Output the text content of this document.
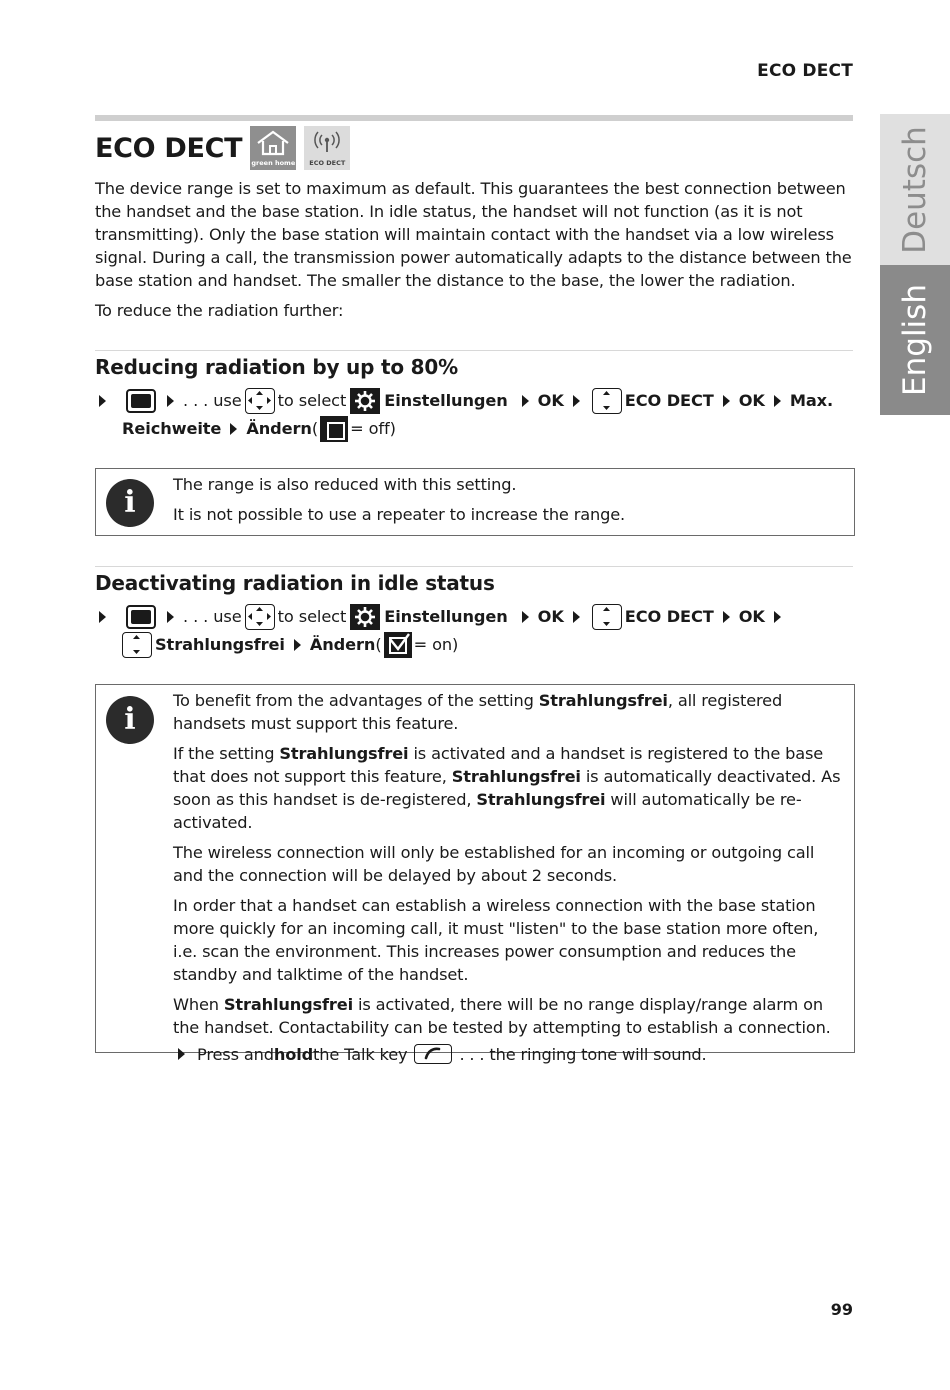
ECO DECT
Deutsch
English
ECO DECT green home ECO DECT

The device range is set to maximum as default. This guarantees the best connection between the handset and the base station. In idle status, the handset will not function (as it is not transmitting). Only the base station will maintain contact with the handset via a low wireless signal. During a call, the transmission power automatically adapts to the distance between the base station and handset. The smaller the distance to the base, the lower the radiation.

To reduce the radiation further:

Reducing radiation by up to 80%
. . . use to select Einstellungen OK	ECO DECT OK Max.
Reichweite Ändern ( = off)
i

The range is also reduced with this setting.

It is not possible to use a repeater to increase the range.

Deactivating radiation in idle status
. . . use to select Einstellungen OK	ECO DECT OK
Strahlungsfrei Ändern ( = on)
i

To benefit from the advantages of the setting Strahlungsfrei, all registered handsets must support this feature.

If the setting Strahlungsfrei is activated and a handset is registered to the base that does not support this feature, Strahlungsfrei is automatically deactivated. As soon as this handset is de-registered, Strahlungsfrei will automatically be re-activated.

The wireless connection will only be established for an incoming or outgoing call and the connection will be delayed by about 2 seconds.

In order that a handset can establish a wireless connection with the base station more quickly for an incoming call, it must "listen" to the base station more often, i.e. scan the environment. This increases power consumption and reduces the standby and talktime of the handset.

When Strahlungsfrei is activated, there will be no range display/range alarm on the handset. Contactability can be tested by attempting to establish a connection.

Press and hold the Talk key	. . . the ringing tone will sound.
99
